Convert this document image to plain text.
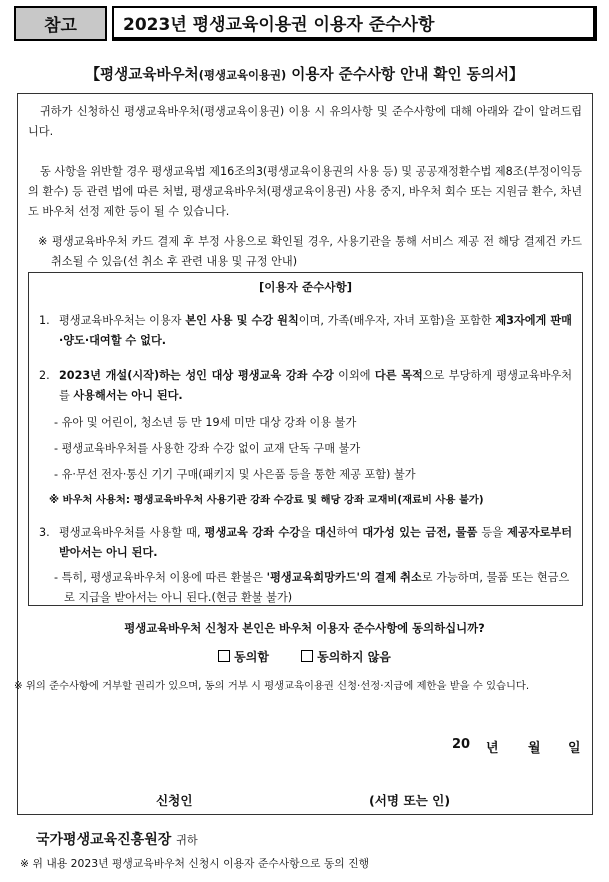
참고	2023년 평생교육이용권 이용자 준수사항
【평생교육바우처(평생교육이용권) 이용자 준수사항 안내 확인 동의서】
귀하가 신청하신 평생교육바우처(평생교육이용권) 이용 시 유의사항 및 준수사항에 대해 아래와 같이 알려드립니다.
동 사항을 위반할 경우 평생교육법 제16조의3(평생교육이용권의 사용 등) 및 공공재정환수법 제8조(부정이익등의 환수) 등 관련 법에 따른 처벌, 평생교육바우처(평생교육이용권) 사용 중지, 바우처 회수 또는 지원금 환수, 차년도 바우처 선정 제한 등이 될 수 있습니다.
※ 평생교육바우처 카드 결제 후 부정 사용으로 확인될 경우, 사용기관을 통해 서비스 제공 전 해당 결제건 카드 취소될 수 있음(선 취소 후 관련 내용 및 규정 안내)
[이용자 준수사항]
1. 평생교육바우처는 이용자 본인 사용 및 수강 원칙이며, 가족(배우자, 자녀 포함)을 포함한 제3자에게 판매·양도·대여할 수 없다.
2. 2023년 개설(시작)하는 성인 대상 평생교육 강좌 수강 이외에 다른 목적으로 부당하게 평생교육바우처를 사용해서는 아니 된다.
- 유아 및 어린이, 청소년 등 만 19세 미만 대상 강좌 이용 불가
- 평생교육바우처를 사용한 강좌 수강 없이 교재 단독 구매 불가
- 유·무선 전자·통신 기기 구매(패키지 및 사은품 등을 통한 제공 포함) 불가
※ 바우처 사용처: 평생교육바우처 사용기관 강좌 수강료 및 해당 강좌 교재비(재료비 사용 불가)
3. 평생교육바우처를 사용할 때, 평생교육 강좌 수강을 대신하여 대가성 있는 금전, 물품 등을 제공자로부터 받아서는 아니 된다.
- 특히, 평생교육바우처 이용에 따른 환불은 '평생교육희망카드'의 결제 취소로 가능하며, 물품 또는 현금으로 지급을 받아서는 아니 된다.(현금 환불 불가)
평생교육바우처 신청자 본인은 바우처 이용자 준수사항에 동의하십니까?
동의함	동의하지 않음
※ 위의 준수사항에 거부할 권리가 있으며, 동의 거부 시 평생교육이용권 신청·선정·지급에 제한을 받을 수 있습니다.
20 년 월 일
신청인	(서명 또는 인)
국가평생교육진흥원장 귀하
※ 위 내용 2023년 평생교육바우처 신청시 이용자 준수사항으로 동의 진행
